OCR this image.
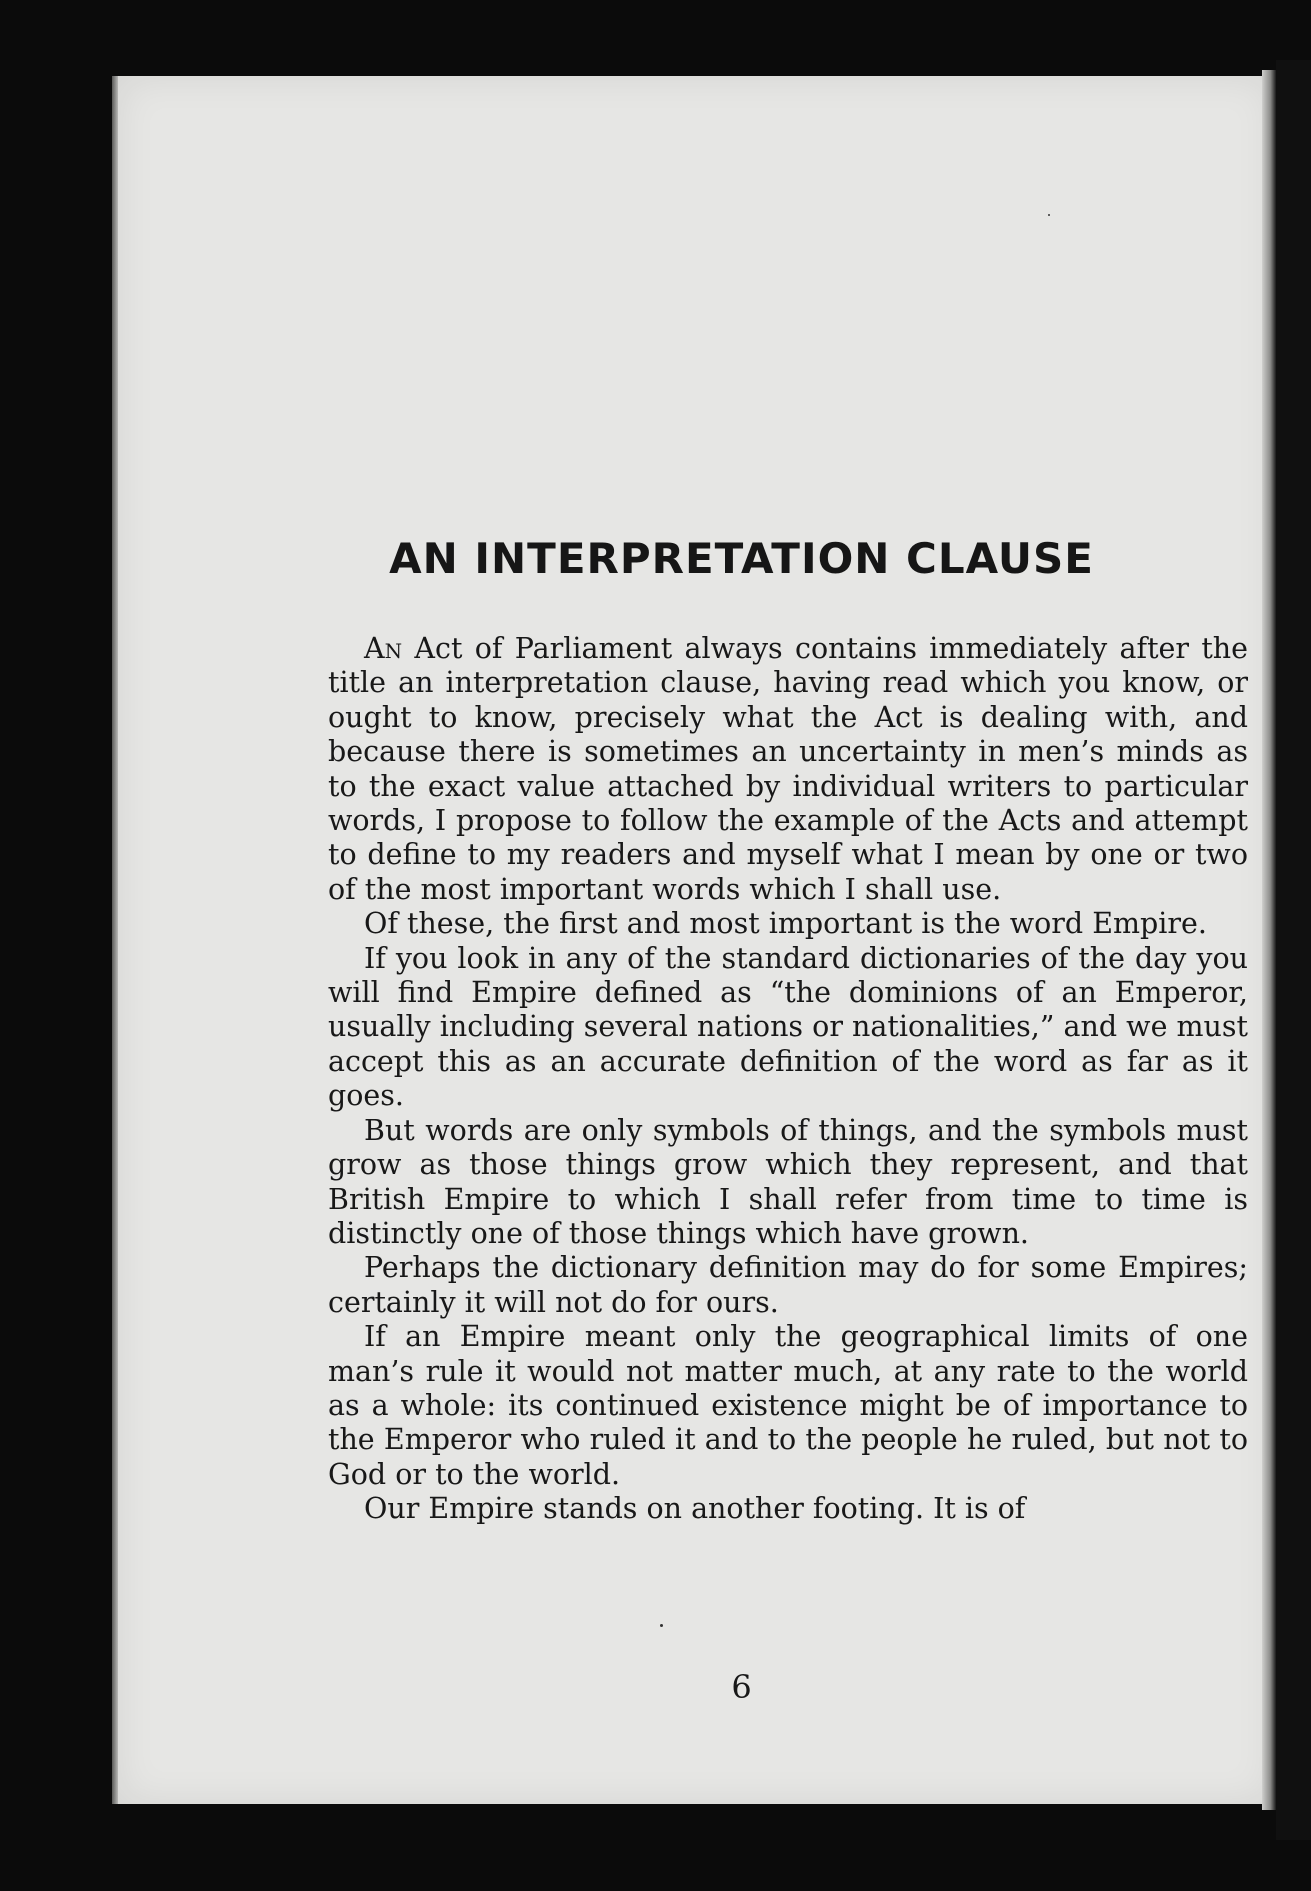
AN INTERPRETATION CLAUSE

An Act of Parliament always contains immediately after the title an interpretation clause, having read which you know, or ought to know, precisely what the Act is dealing with, and because there is sometimes an uncertainty in men’s minds as to the exact value attached by individual writers to particular words, I propose to follow the example of the Acts and attempt to define to my readers and myself what I mean by one or two of the most important words which I shall use.

Of these, the first and most important is the word Empire.

If you look in any of the standard dictionaries of the day you will find Empire defined as “the dominions of an Emperor, usually including several nations or nationalities,” and we must accept this as an accurate definition of the word as far as it goes.

But words are only symbols of things, and the symbols must grow as those things grow which they represent, and that British Empire to which I shall refer from time to time is distinctly one of those things which have grown.

Perhaps the dictionary definition may do for some Empires; certainly it will not do for ours.

If an Empire meant only the geographical limits of one man’s rule it would not matter much, at any rate to the world as a whole: its continued existence might be of importance to the Emperor who ruled it and to the people he ruled, but not to God or to the world.

Our Empire stands on another footing. It is of

6
